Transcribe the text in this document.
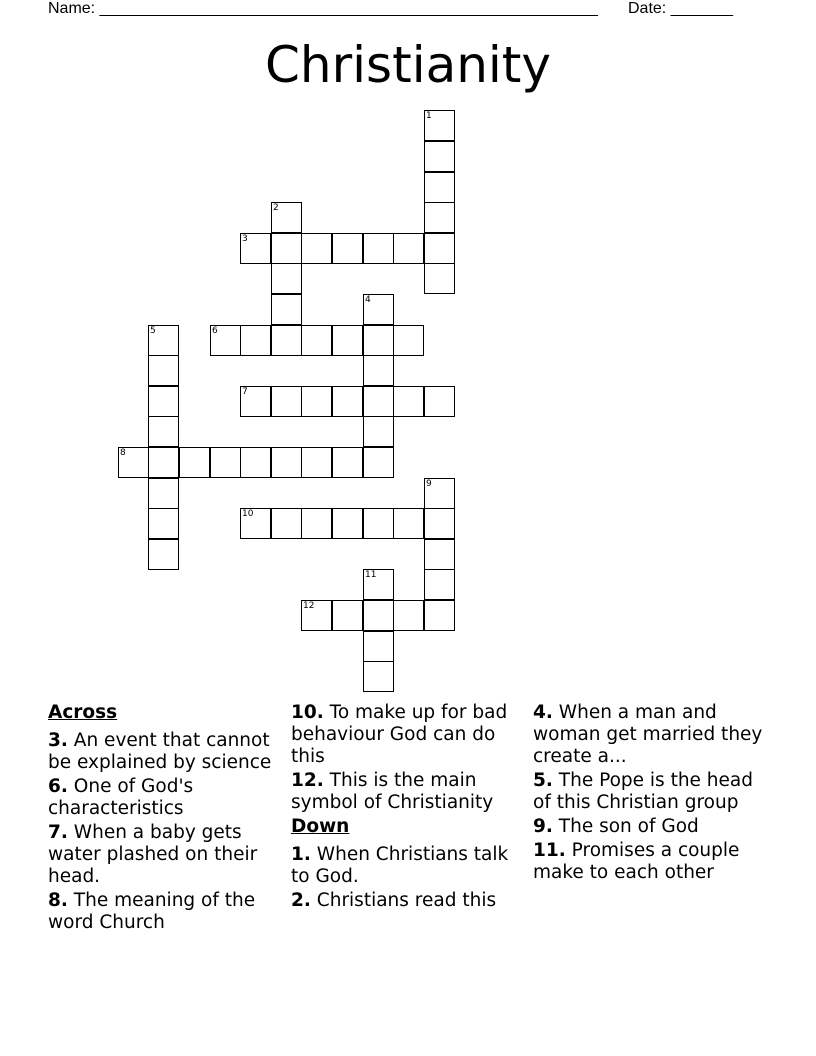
Name: ________________________________________________________ Date: _______
Christianity
1
2
3
4
5	6
7
8
9
10
11
12
Across
3. An event that cannot be explained by science
6. One of God's characteristics
7. When a baby gets water plashed on their head.
8. The meaning of the word Church
10. To make up for bad behaviour God can do this
12. This is the main symbol of Christianity
Down
1. When Christians talk to God.
2. Christians read this
4. When a man and woman get married they create a...
5. The Pope is the head of this Christian group
9. The son of God
11. Promises a couple make to each other
